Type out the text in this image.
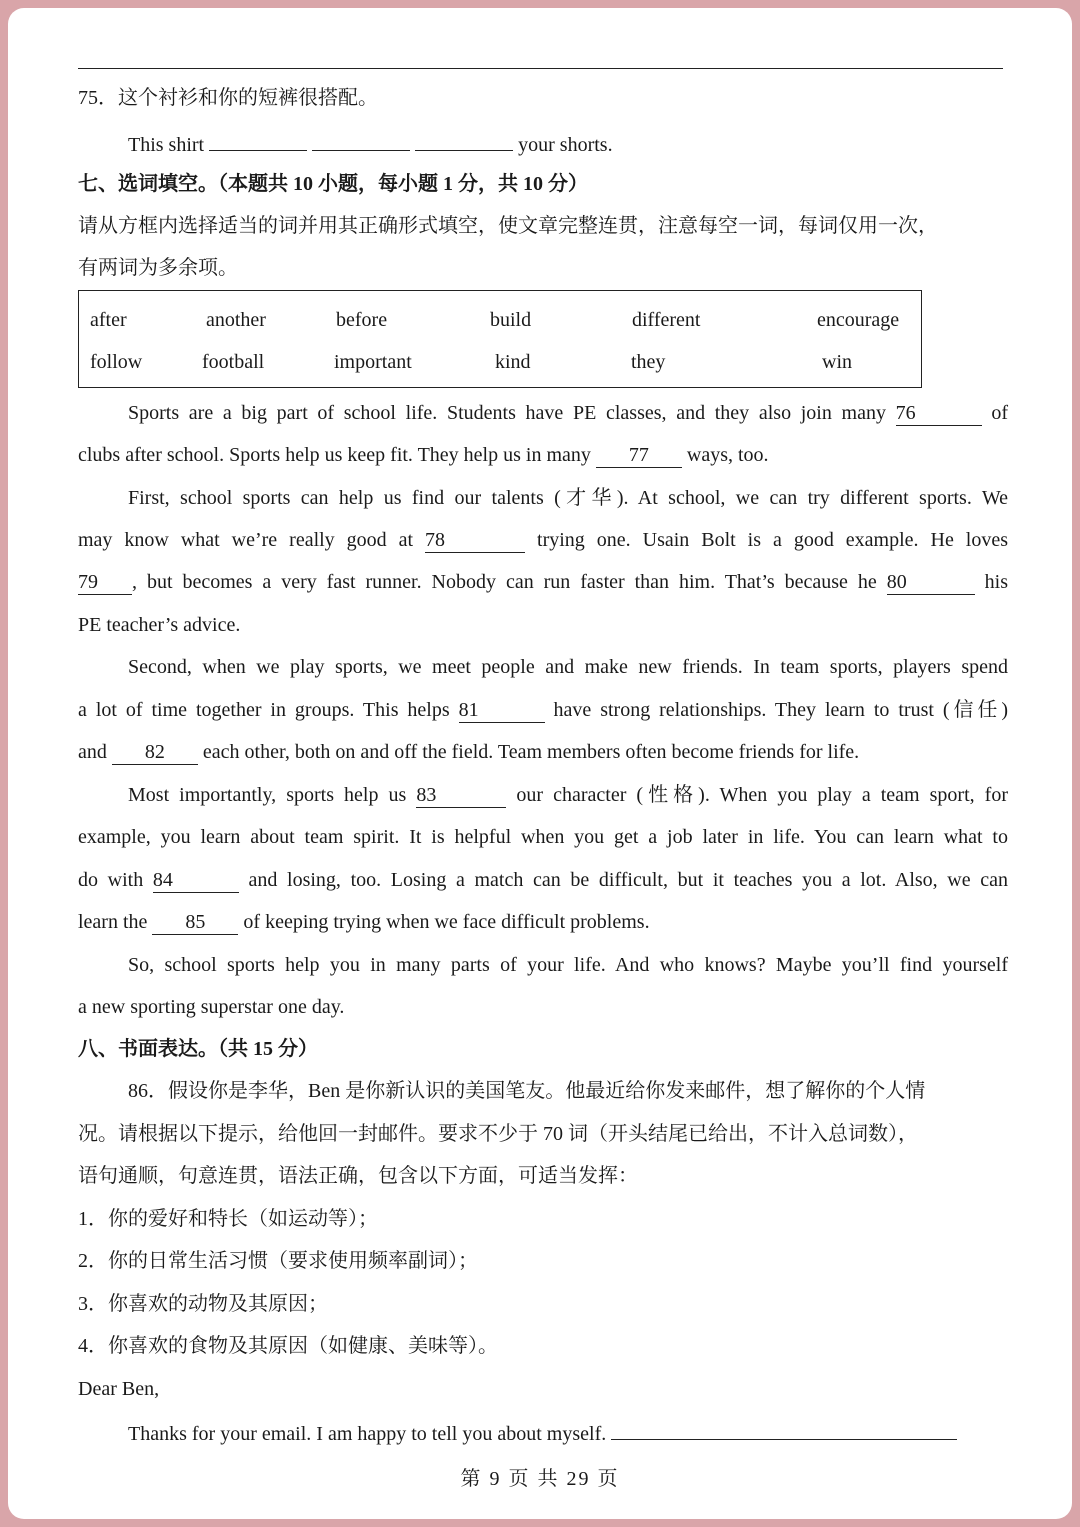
75．这个衬衫和你的短裤很搭配。
This shirt	your shorts.
七、选词填空。（本题共 10 小题，每小题 1 分，共 10 分）
请从方框内选择适当的词并用其正确形式填空，使文章完整连贯，注意每空一词，每词仅用一次，
有两词为多余项。
after	another	before	build	different	encourage
follow	football	important	kind	they	win
Sports are a big part of school life. Students have PE classes, and they also join many 76	of
clubs after school. Sports help us keep fit. They help us in many 77 ways, too.
First, school sports can help us find our talents (才华). At school, we can try different sports. We
may know what we’re really good at 78	trying one. Usain Bolt is a good example. He loves
79 , but becomes a very fast runner. Nobody can run faster than him. That’s because he 80	his
PE teacher’s advice.
Second, when we play sports, we meet people and make new friends. In team sports, players spend
a lot of time together in groups. This helps 81	have strong relationships. They learn to trust (信任)
and 82 each other, both on and off the field. Team members often become friends for life.
Most importantly, sports help us 83	our character (性格). When you play a team sport, for
example, you learn about team spirit. It is helpful when you get a job later in life. You can learn what to
do with 84	and losing, too. Losing a match can be difficult, but it teaches you a lot. Also, we can
learn the 85 of keeping trying when we face difficult problems.
So, school sports help you in many parts of your life. And who knows? Maybe you’ll find yourself
a new sporting superstar one day.
八、书面表达。（共 15 分）
86．假设你是李华，Ben 是你新认识的美国笔友。他最近给你发来邮件，想了解你的个人情
况。请根据以下提示，给他回一封邮件。要求不少于 70 词（开头结尾已给出，不计入总词数），
语句通顺，句意连贯，语法正确，包含以下方面，可适当发挥：
1．你的爱好和特长（如运动等）；
2．你的日常生活习惯（要求使用频率副词）；
3．你喜欢的动物及其原因；
4．你喜欢的食物及其原因（如健康、美味等）。
Dear Ben,
Thanks for your email. I am happy to tell you about myself.
第 9 页 共 29 页
